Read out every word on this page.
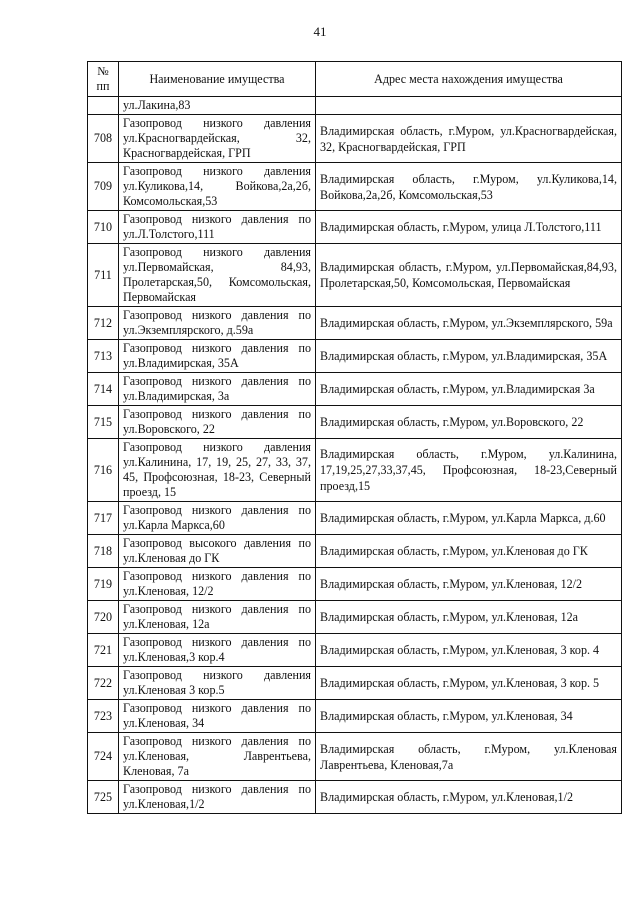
41
№ пп	Наименование имущества	Адрес места нахождения имущества
	ул.Лакина,83	
708	Газопровод низкого давления ул.Красногвардейская, 32, Красногвардейская, ГРП	Владимирская область, г.Муром, ул.Красногвардейская, 32, Красногвардейская, ГРП
709	Газопровод низкого давления ул.Куликова,14, Войкова,2а,2б, Комсомольская,53	Владимирская область, г.Муром, ул.Куликова,14, Войкова,2а,2б, Комсомольская,53
710	Газопровод низкого давления по ул.Л.Толстого,111	Владимирская область, г.Муром, улица Л.Толстого,111
711	Газопровод низкого давления ул.Первомайская, 84,93, Пролетарская,50, Комсомольская, Первомайская	Владимирская область, г.Муром, ул.Первомайская,84,93, Пролетарская,50, Комсомольская, Первомайская
712	Газопровод низкого давления по ул.Экземплярского, д.59а	Владимирская область, г.Муром, ул.Экземплярского, 59а
713	Газопровод низкого давления по ул.Владимирская, 35А	Владимирская область, г.Муром, ул.Владимирская, 35А
714	Газопровод низкого давления по ул.Владимирская, 3а	Владимирская область, г.Муром, ул.Владимирская 3а
715	Газопровод низкого давления по ул.Воровского, 22	Владимирская область, г.Муром, ул.Воровского, 22
716	Газопровод низкого давления ул.Калинина, 17, 19, 25, 27, 33, 37, 45, Профсоюзная, 18-23, Северный проезд, 15	Владимирская область, г.Муром, ул.Калинина, 17,19,25,27,33,37,45, Профсоюзная, 18-23,Северный проезд,15
717	Газопровод низкого давления по ул.Карла Маркса,60	Владимирская область, г.Муром, ул.Карла Маркса, д.60
718	Газопровод высокого давления по ул.Кленовая до ГК	Владимирская область, г.Муром, ул.Кленовая до ГК
719	Газопровод низкого давления по ул.Кленовая, 12/2	Владимирская область, г.Муром, ул.Кленовая, 12/2
720	Газопровод низкого давления по ул.Кленовая, 12а	Владимирская область, г.Муром, ул.Кленовая, 12а
721	Газопровод низкого давления по ул.Кленовая,3 кор.4	Владимирская область, г.Муром, ул.Кленовая, 3 кор. 4
722	Газопровод низкого давления ул.Кленовая 3 кор.5	Владимирская область, г.Муром, ул.Кленовая, 3 кор. 5
723	Газопровод низкого давления по ул.Кленовая, 34	Владимирская область, г.Муром, ул.Кленовая, 34
724	Газопровод низкого давления по ул.Кленовая, Лаврентьева, Кленовая, 7а	Владимирская область, г.Муром, ул.Кленовая Лаврентьева, Кленовая,7а
725	Газопровод низкого давления по ул.Кленовая,1/2	Владимирская область, г.Муром, ул.Кленовая,1/2
